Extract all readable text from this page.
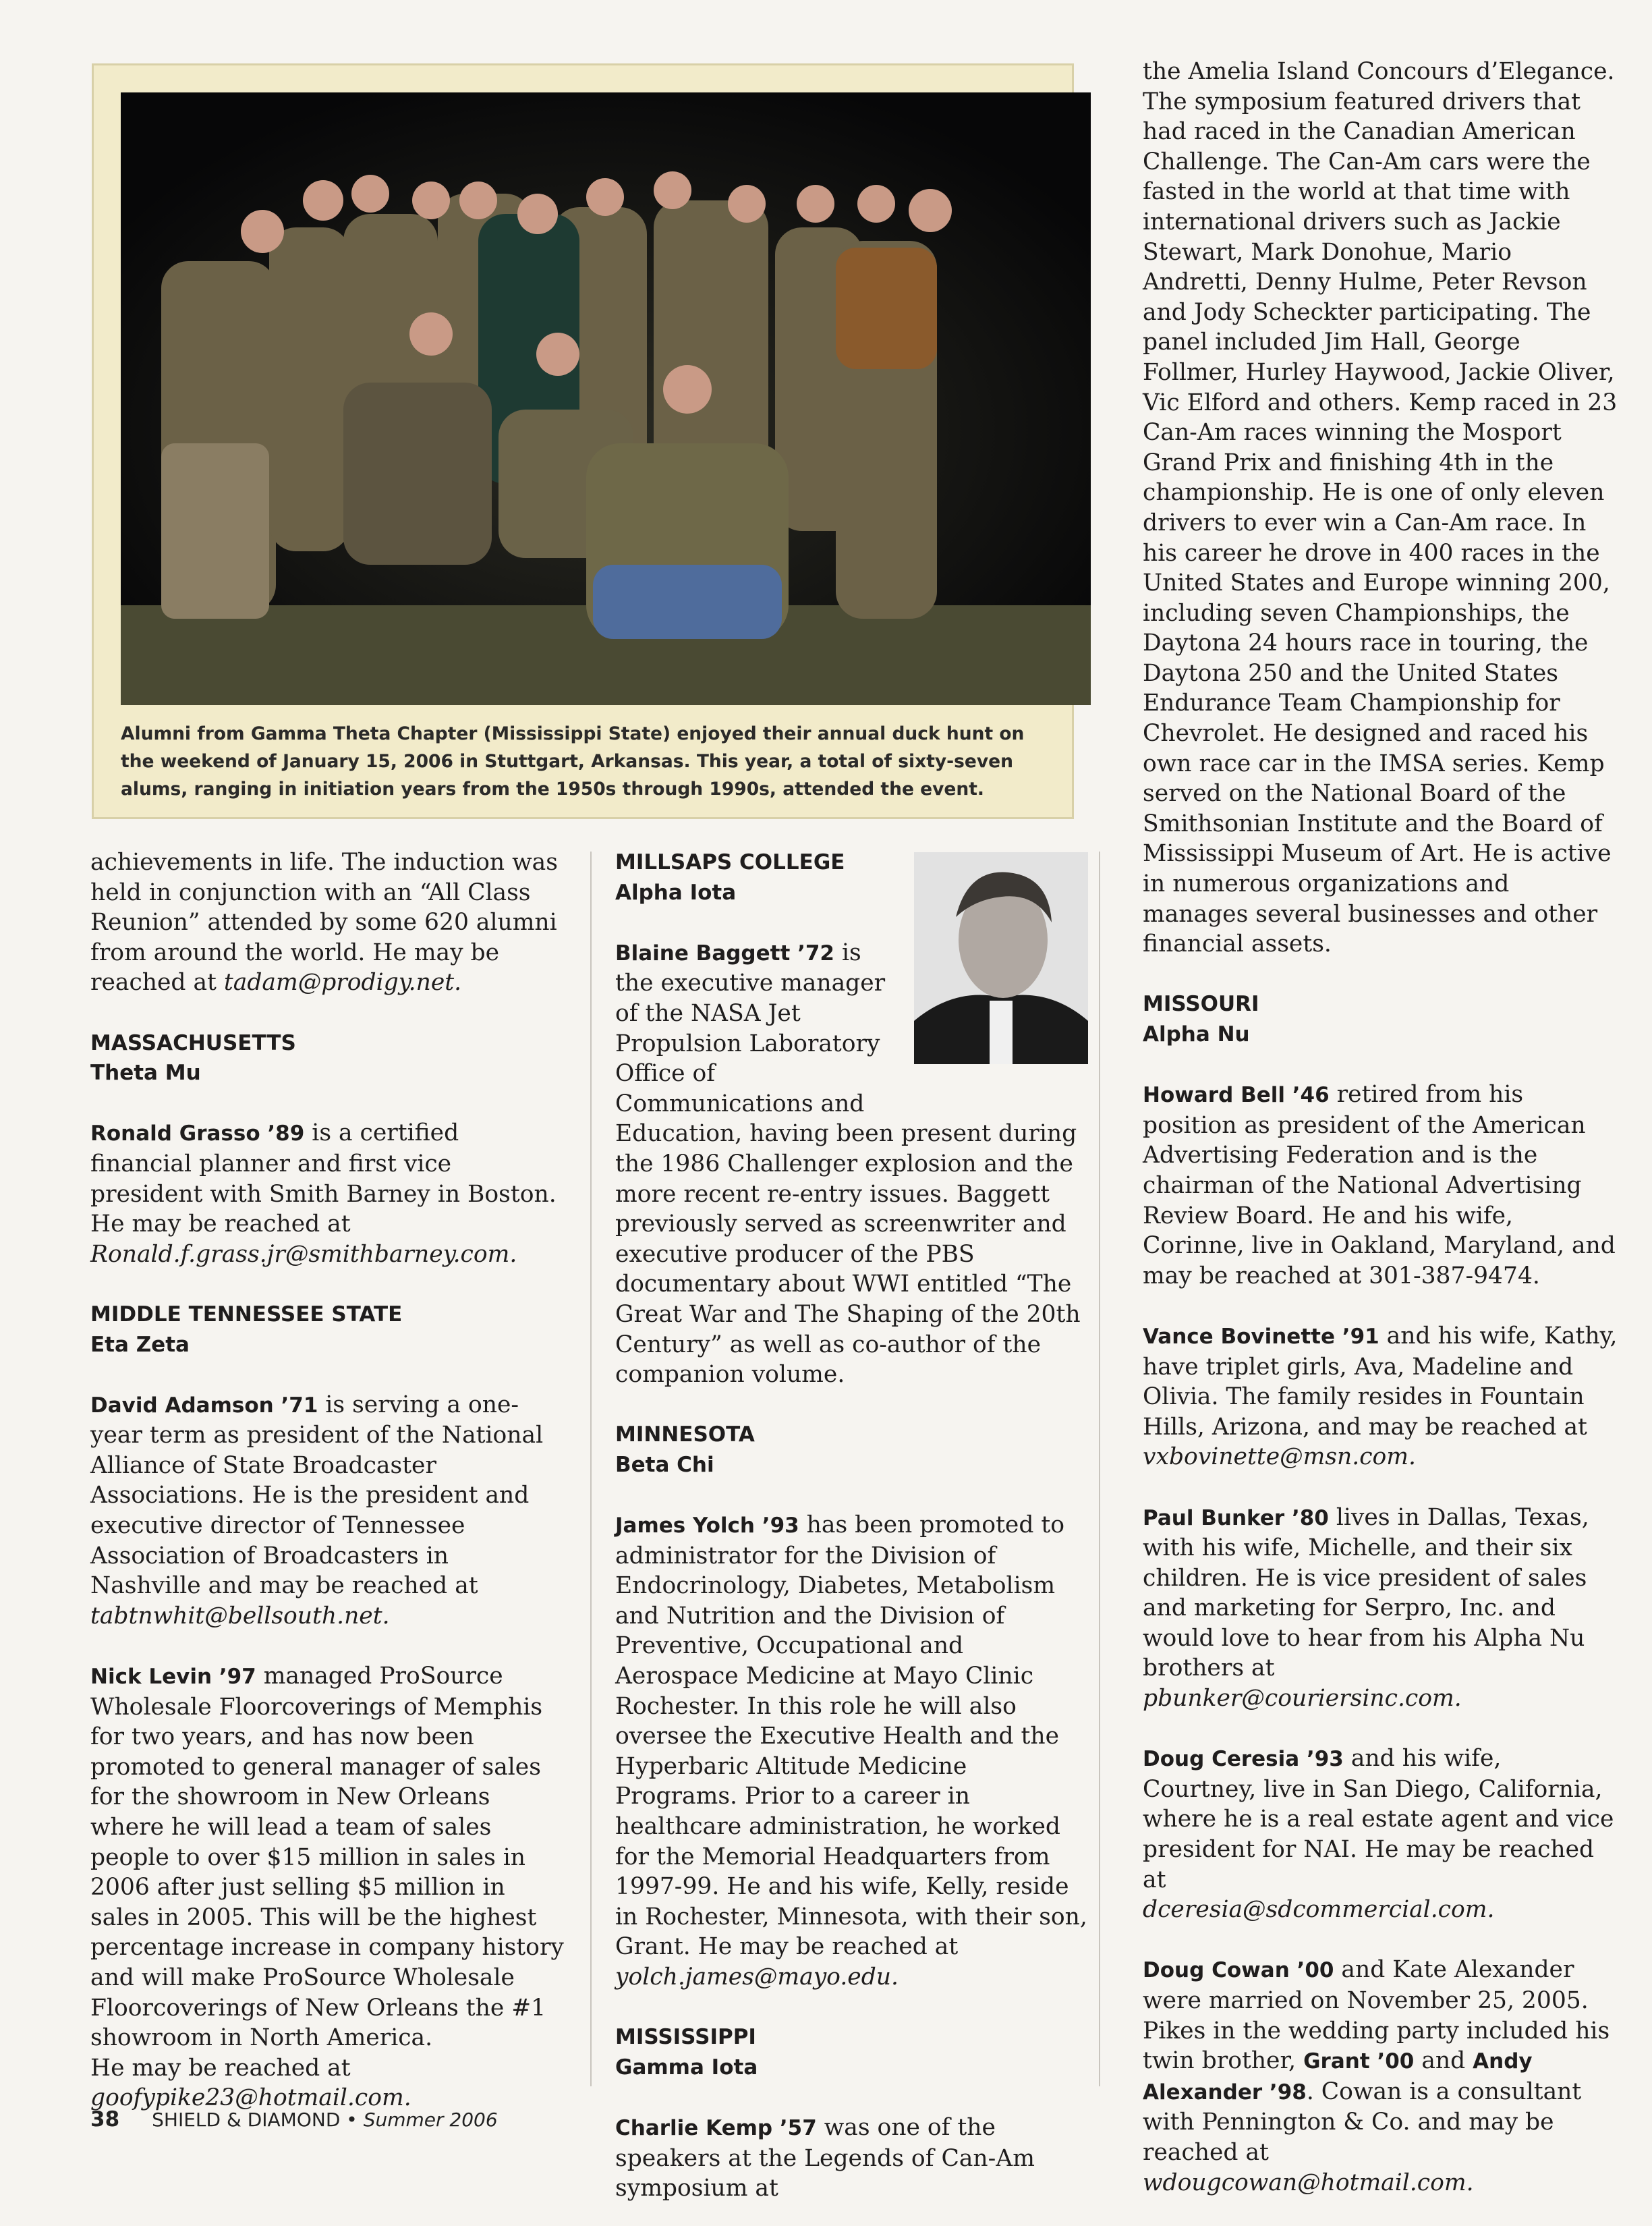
Alumni from Gamma Theta Chapter (Mississippi State) enjoyed their annual duck hunt on the weekend of January 15, 2006 in Stuttgart, Arkansas. This year, a total of sixty-seven alums, ranging in initiation years from the 1950s through 1990s, attended the event.

achievements in life. The induction was held in conjunction with an “All Class Reunion” attended by some 620 alumni from around the world. He may be reached at tadam@prodigy.net.

MASSACHUSETTS

Theta Mu

Ronald Grasso ’89 is a certified financial planner and first vice president with Smith Barney in Boston.
He may be reached at
Ronald.f.grass.jr@smithbarney.com.

MIDDLE TENNESSEE STATE

Eta Zeta

David Adamson ’71 is serving a one-year term as president of the National Alliance of State Broadcaster Associations. He is the president and executive director of Tennessee Association of Broadcasters in Nashville and may be reached at
tabtnwhit@bellsouth.net.

Nick Levin ’97 managed ProSource Wholesale Floorcoverings of Memphis for two years, and has now been promoted to general manager of sales for the showroom in New Orleans where he will lead a team of sales people to over $15 million in sales in 2006 after just selling $5 million in sales in 2005. This will be the highest percentage increase in company history and will make ProSource Wholesale Floorcoverings of New Orleans the #1 showroom in North America.
He may be reached at
goofypike23@hotmail.com.

MILLSAPS COLLEGE

Alpha Iota

Blaine Baggett ’72 is the executive manager of the NASA Jet Propulsion Laboratory Office of Communications and

Education, having been present during the 1986 Challenger explosion and the more recent re-entry issues. Baggett previously served as screenwriter and executive producer of the PBS documentary about WWI entitled “The Great War and The Shaping of the 20th Century” as well as co-author of the companion volume.

MINNESOTA

Beta Chi

James Yolch ’93 has been promoted to administrator for the Division of Endocrinology, Diabetes, Metabolism and Nutrition and the Division of Preventive, Occupational and Aerospace Medicine at Mayo Clinic Rochester. In this role he will also oversee the Executive Health and the Hyperbaric Altitude Medicine Programs. Prior to a career in healthcare administration, he worked for the Memorial Headquarters from 1997-99. He and his wife, Kelly, reside in Rochester, Minnesota, with their son, Grant. He may be reached at yolch.james@mayo.edu.

MISSISSIPPI

Gamma Iota

Charlie Kemp ’57 was one of the speakers at the Legends of Can-Am symposium at

the Amelia Island Concours d’Elegance. The symposium featured drivers that had raced in the Canadian American Challenge. The Can-Am cars were the fasted in the world at that time with international drivers such as Jackie Stewart, Mark Donohue, Mario Andretti, Denny Hulme, Peter Revson and Jody Scheckter participating. The panel included Jim Hall, George Follmer, Hurley Haywood, Jackie Oliver, Vic Elford and others. Kemp raced in 23 Can-Am races winning the Mosport Grand Prix and finishing 4th in the championship. He is one of only eleven drivers to ever win a Can-Am race. In his career he drove in 400 races in the United States and Europe winning 200, including seven Championships, the Daytona 24 hours race in touring, the Daytona 250 and the United States Endurance Team Championship for Chevrolet. He designed and raced his own race car in the IMSA series. Kemp served on the National Board of the Smithsonian Institute and the Board of Mississippi Museum of Art. He is active in numerous organizations and manages several businesses and other financial assets.

MISSOURI

Alpha Nu

Howard Bell ’46 retired from his position as president of the American Advertising Federation and is the chairman of the National Advertising Review Board. He and his wife, Corinne, live in Oakland, Maryland, and may be reached at 301-387-9474.

Vance Bovinette ’91 and his wife, Kathy, have triplet girls, Ava, Madeline and Olivia. The family resides in Fountain Hills, Arizona, and may be reached at
vxbovinette@msn.com.

Paul Bunker ’80 lives in Dallas, Texas, with his wife, Michelle, and their six children. He is vice president of sales and marketing for Serpro, Inc. and would love to hear from his Alpha Nu brothers at
pbunker@couriersinc.com.

Doug Ceresia ’93 and his wife, Courtney, live in San Diego, California, where he is a real estate agent and vice president for NAI. He may be reached at
dceresia@sdcommercial.com.

Doug Cowan ’00 and Kate Alexander were married on November 25, 2005. Pikes in the wedding party included his twin brother, Grant ’00 and Andy Alexander ’98. Cowan is a consultant with Pennington & Co. and may be reached at
wdougcowan@hotmail.com.

38 SHIELD & DIAMOND • Summer 2006
